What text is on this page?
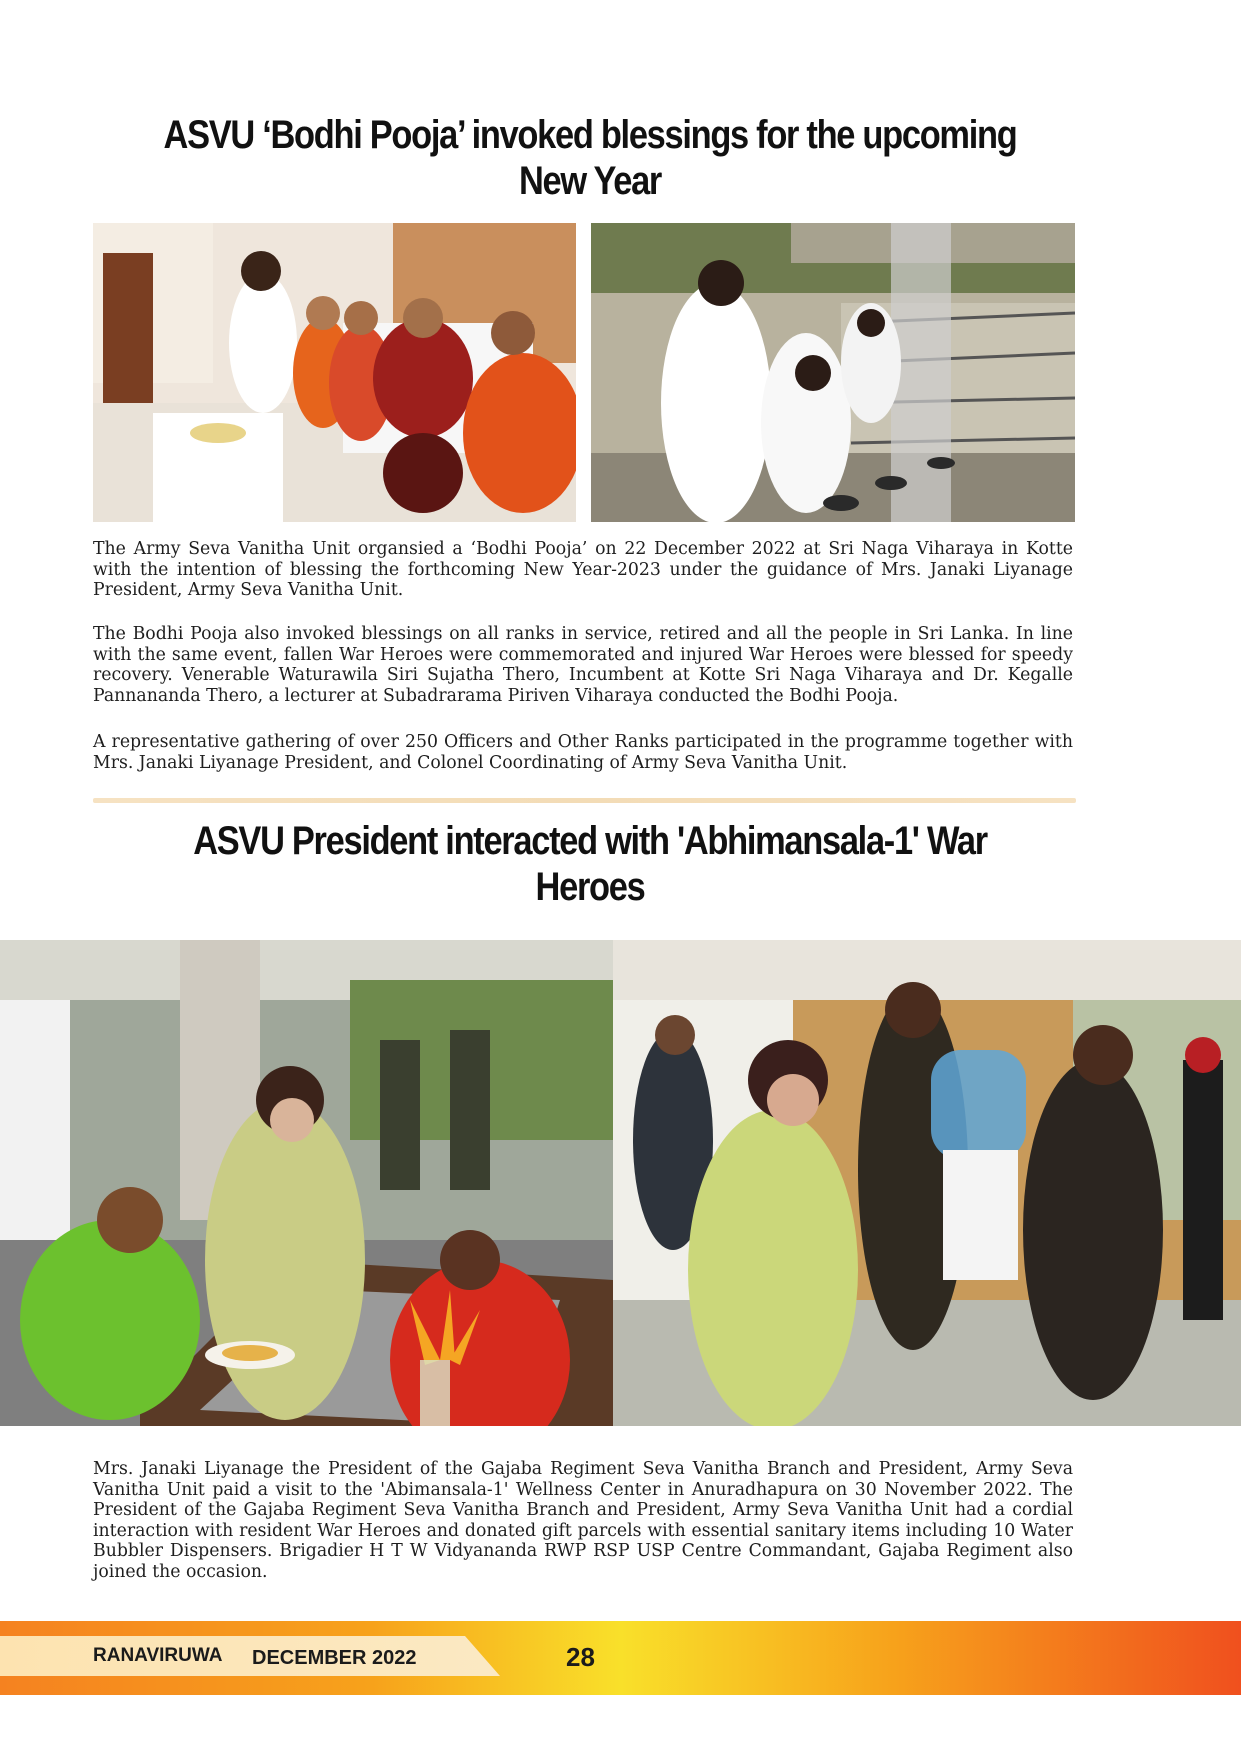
ASVU ‘Bodhi Pooja’ invoked blessings for the upcoming
New Year

The Army Seva Vanitha Unit organsied a ‘Bodhi Pooja’ on 22 December 2022 at Sri Naga Viharaya in Kotte with the intention of blessing the forthcoming New Year-2023 under the guidance of Mrs. Janaki Liyanage President, Army Seva Vanitha Unit.

The Bodhi Pooja also invoked blessings on all ranks in service, retired and all the people in Sri Lanka. In line with the same event, fallen War Heroes were commemorated and injured War Heroes were blessed for speedy recovery. Venerable Waturawila Siri Sujatha Thero, Incumbent at Kotte Sri Naga Viharaya and Dr. Kegalle Pannananda Thero, a lecturer at Subadrarama Piriven Viharaya conducted the Bodhi Pooja.

A representative gathering of over 250 Officers and Other Ranks participated in the programme together with Mrs. Janaki Liyanage President, and Colonel Coordinating of Army Seva Vanitha Unit.

ASVU President interacted with 'Abhimansala-1' War
Heroes

Mrs. Janaki Liyanage the President of the Gajaba Regiment Seva Vanitha Branch and President, Army Seva Vanitha Unit paid a visit to the 'Abimansala-1' Wellness Center in Anuradhapura on 30 November 2022. The President of the Gajaba Regiment Seva Vanitha Branch and President, Army Seva Vanitha Unit had a cordial interaction with resident War Heroes and donated gift parcels with essential sanitary items including 10 Water Bubbler Dispensers. Brigadier H T W Vidyananda RWP RSP USP Centre Commandant, Gajaba Regiment also joined the occasion.

RANAVIRUWA DECEMBER 2022	28
